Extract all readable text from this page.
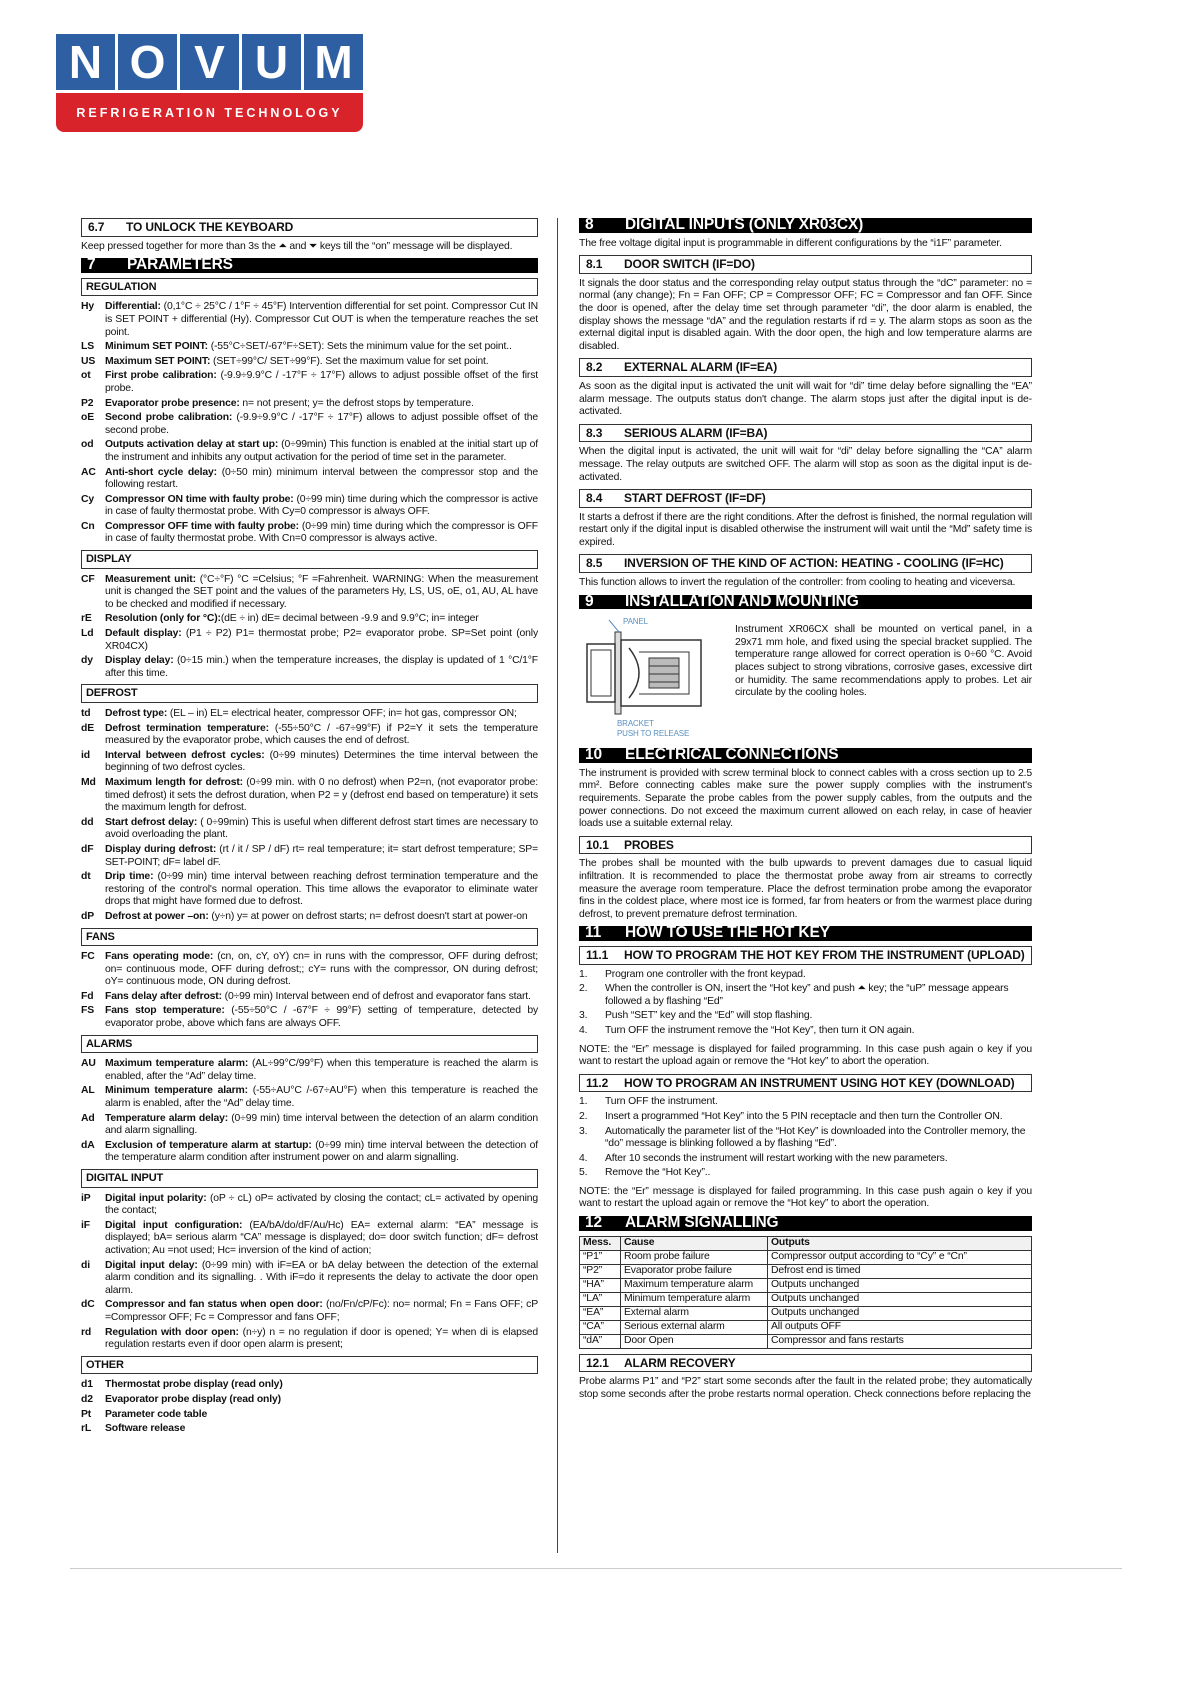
N O V U M
REFRIGERATION TECHNOLOGY
6.7 TO UNLOCK THE KEYBOARD

Keep pressed together for more than 3s the ⏶ and ⏷ keys till the “on” message will be displayed.

7 PARAMETERS
REGULATION
Hy	Differential: (0,1°C ÷ 25°C / 1°F ÷ 45°F) Intervention differential for set point. Compressor Cut IN is SET POINT + differential (Hy). Compressor Cut OUT is when the temperature reaches the set point.
LS	Minimum SET POINT: (-55°C÷SET/-67°F÷SET): Sets the minimum value for the set point..
US Maximum SET POINT: (SET÷99°C/ SET÷99°F). Set the maximum value for set point.
ot	First probe calibration: (-9.9÷9.9°C / -17°F ÷ 17°F) allows to adjust possible offset of the first probe.
P2	Evaporator probe presence: n= not present; y= the defrost stops by temperature.
oE	Second probe calibration: (-9.9÷9.9°C / -17°F ÷ 17°F) allows to adjust possible offset of the second probe.
od	Outputs activation delay at start up: (0÷99min) This function is enabled at the initial start up of the instrument and inhibits any output activation for the period of time set in the parameter.
AC Anti-short cycle delay: (0÷50 min) minimum interval between the compressor stop and the following restart.
Cy	Compressor ON time with faulty probe: (0÷99 min) time during which the compressor is active in case of faulty thermostat probe. With Cy=0 compressor is always OFF.
Cn	Compressor OFF time with faulty probe: (0÷99 min) time during which the compressor is OFF in case of faulty thermostat probe. With Cn=0 compressor is always active.
DISPLAY
CF	Measurement unit: (°C÷°F) °C =Celsius; °F =Fahrenheit. WARNING: When the measurement unit is changed the SET point and the values of the parameters Hy, LS, US, oE, o1, AU, AL have to be checked and modified if necessary.
rE	Resolution (only for °C):(dE ÷ in) dE= decimal between -9.9 and 9.9°C; in= integer
Ld	Default display: (P1 ÷ P2) P1= thermostat probe; P2= evaporator probe. SP=Set point (only XR04CX)
dy	Display delay: (0÷15 min.) when the temperature increases, the display is updated of 1 °C/1°F after this time.
DEFROST
td	Defrost type: (EL – in) EL= electrical heater, compressor OFF; in= hot gas, compressor ON;
dE	Defrost termination temperature: (-55÷50°C / -67÷99°F) if P2=Y it sets the temperature measured by the evaporator probe, which causes the end of defrost.
id	Interval between defrost cycles: (0÷99 minutes) Determines the time interval between the beginning of two defrost cycles.
Md Maximum length for defrost: (0÷99 min. with 0 no defrost) when P2=n, (not evaporator probe: timed defrost) it sets the defrost duration, when P2 = y (defrost end based on temperature) it sets the maximum length for defrost.
dd	Start defrost delay: ( 0÷99min) This is useful when different defrost start times are necessary to avoid overloading the plant.
dF	Display during defrost: (rt / it / SP / dF) rt= real temperature; it= start defrost temperature; SP= SET-POINT; dF= label dF.
dt	Drip time: (0÷99 min) time interval between reaching defrost termination temperature and the restoring of the control's normal operation. This time allows the evaporator to eliminate water drops that might have formed due to defrost.
dP	Defrost at power –on: (y÷n) y= at power on defrost starts; n= defrost doesn't start at power-on
FANS
FC	Fans operating mode: (cn, on, cY, oY) cn= in runs with the compressor, OFF during defrost; on= continuous mode, OFF during defrost;; cY= runs with the compressor, ON during defrost; oY= continuous mode, ON during defrost.
Fd	Fans delay after defrost: (0÷99 min) Interval between end of defrost and evaporator fans start.
FS	Fans stop temperature: (-55÷50°C / -67°F ÷ 99°F) setting of temperature, detected by evaporator probe, above which fans are always OFF.
ALARMS
AU Maximum temperature alarm: (AL÷99°C/99°F) when this temperature is reached the alarm is enabled, after the “Ad” delay time.
AL	Minimum temperature alarm: (-55÷AU°C /-67÷AU°F) when this temperature is reached the alarm is enabled, after the “Ad” delay time.
Ad	Temperature alarm delay: (0÷99 min) time interval between the detection of an alarm condition and alarm signalling.
dA	Exclusion of temperature alarm at startup: (0÷99 min) time interval between the detection of the temperature alarm condition after instrument power on and alarm signalling.
DIGITAL INPUT
iP	Digital input polarity: (oP ÷ cL) oP= activated by closing the contact; cL= activated by opening the contact;
iF	Digital input configuration: (EA/bA/do/dF/Au/Hc) EA= external alarm: “EA” message is displayed; bA= serious alarm “CA” message is displayed; do= door switch function; dF= defrost activation; Au =not used; Hc= inversion of the kind of action;
di	Digital input delay: (0÷99 min) with iF=EA or bA delay between the detection of the external alarm condition and its signalling. . With iF=do it represents the delay to activate the door open alarm.
dC	Compressor and fan status when open door: (no/Fn/cP/Fc): no= normal; Fn = Fans OFF; cP =Compressor OFF; Fc = Compressor and fans OFF;
rd	Regulation with door open: (n÷y) n = no regulation if door is opened; Y= when di is elapsed regulation restarts even if door open alarm is present;
OTHER
d1	Thermostat probe display (read only)
d2	Evaporator probe display (read only)
Pt	Parameter code table
rL	Software release
8 DIGITAL INPUTS (ONLY XR03CX)

The free voltage digital input is programmable in different configurations by the “i1F” parameter.

8.1 DOOR SWITCH (IF=DO)

It signals the door status and the corresponding relay output status through the “dC” parameter: no = normal (any change); Fn = Fan OFF; CP = Compressor OFF; FC = Compressor and fan OFF. Since the door is opened, after the delay time set through parameter “di”, the door alarm is enabled, the display shows the message “dA” and the regulation restarts if rd = y. The alarm stops as soon as the external digital input is disabled again. With the door open, the high and low temperature alarms are disabled.

8.2 EXTERNAL ALARM (IF=EA)

As soon as the digital input is activated the unit will wait for “di” time delay before signalling the “EA” alarm message. The outputs status don't change. The alarm stops just after the digital input is de-activated.

8.3 SERIOUS ALARM (IF=BA)

When the digital input is activated, the unit will wait for “di” delay before signalling the “CA” alarm message. The relay outputs are switched OFF. The alarm will stop as soon as the digital input is de-activated.

8.4 START DEFROST (IF=DF)

It starts a defrost if there are the right conditions. After the defrost is finished, the normal regulation will restart only if the digital input is disabled otherwise the instrument will wait until the “Md” safety time is expired.

8.5 INVERSION OF THE KIND OF ACTION: HEATING - COOLING (IF=HC)

This function allows to invert the regulation of the controller: from cooling to heating and viceversa.

9 INSTALLATION AND MOUNTING
PANEL
BRACKET
PUSH TO RELEASE

Instrument XR06CX shall be mounted on vertical panel, in a 29x71 mm hole, and fixed using the special bracket supplied. The temperature range allowed for correct operation is 0÷60 °C. Avoid places subject to strong vibrations, corrosive gases, excessive dirt or humidity. The same recommendations apply to probes. Let air circulate by the cooling holes.

10 ELECTRICAL CONNECTIONS

The instrument is provided with screw terminal block to connect cables with a cross section up to 2.5 mm². Before connecting cables make sure the power supply complies with the instrument's requirements. Separate the probe cables from the power supply cables, from the outputs and the power connections. Do not exceed the maximum current allowed on each relay, in case of heavier loads use a suitable external relay.

10.1 PROBES

The probes shall be mounted with the bulb upwards to prevent damages due to casual liquid infiltration. It is recommended to place the thermostat probe away from air streams to correctly measure the average room temperature. Place the defrost termination probe among the evaporator fins in the coldest place, where most ice is formed, far from heaters or from the warmest place during defrost, to prevent premature defrost termination.

11 HOW TO USE THE HOT KEY
11.1 HOW TO PROGRAM THE HOT KEY FROM THE INSTRUMENT (UPLOAD)
1.	Program one controller with the front keypad.
2.	When the controller is ON, insert the “Hot key” and push ⏶ key; the “uP” message appears followed a by flashing “Ed”
3.	Push “SET” key and the “Ed” will stop flashing.
4.	Turn OFF the instrument remove the “Hot Key”, then turn it ON again.

NOTE: the “Er” message is displayed for failed programming. In this case push again o key if you want to restart the upload again or remove the “Hot key” to abort the operation.

11.2 HOW TO PROGRAM AN INSTRUMENT USING HOT KEY (DOWNLOAD)
1.	Turn OFF the instrument.
2.	Insert a programmed “Hot Key” into the 5 PIN receptacle and then turn the Controller ON.
3.	Automatically the parameter list of the “Hot Key” is downloaded into the Controller memory, the “do” message is blinking followed a by flashing “Ed”.
4.	After 10 seconds the instrument will restart working with the new parameters.
5.	Remove the “Hot Key”..

NOTE: the “Er” message is displayed for failed programming. In this case push again o key if you want to restart the upload again or remove the “Hot key” to abort the operation.

12 ALARM SIGNALLING
Mess.	Cause	Outputs
“P1”	Room probe failure	Compressor output according to “Cy” e “Cn”
“P2”	Evaporator probe failure	Defrost end is timed
“HA”	Maximum temperature alarm	Outputs unchanged
“LA”	Minimum temperature alarm	Outputs unchanged
“EA”	External alarm	Outputs unchanged
“CA”	Serious external alarm	All outputs OFF
“dA”	Door Open	Compressor and fans restarts
12.1 ALARM RECOVERY

Probe alarms P1” and “P2” start some seconds after the fault in the related probe; they automatically stop some seconds after the probe restarts normal operation. Check connections before replacing the
